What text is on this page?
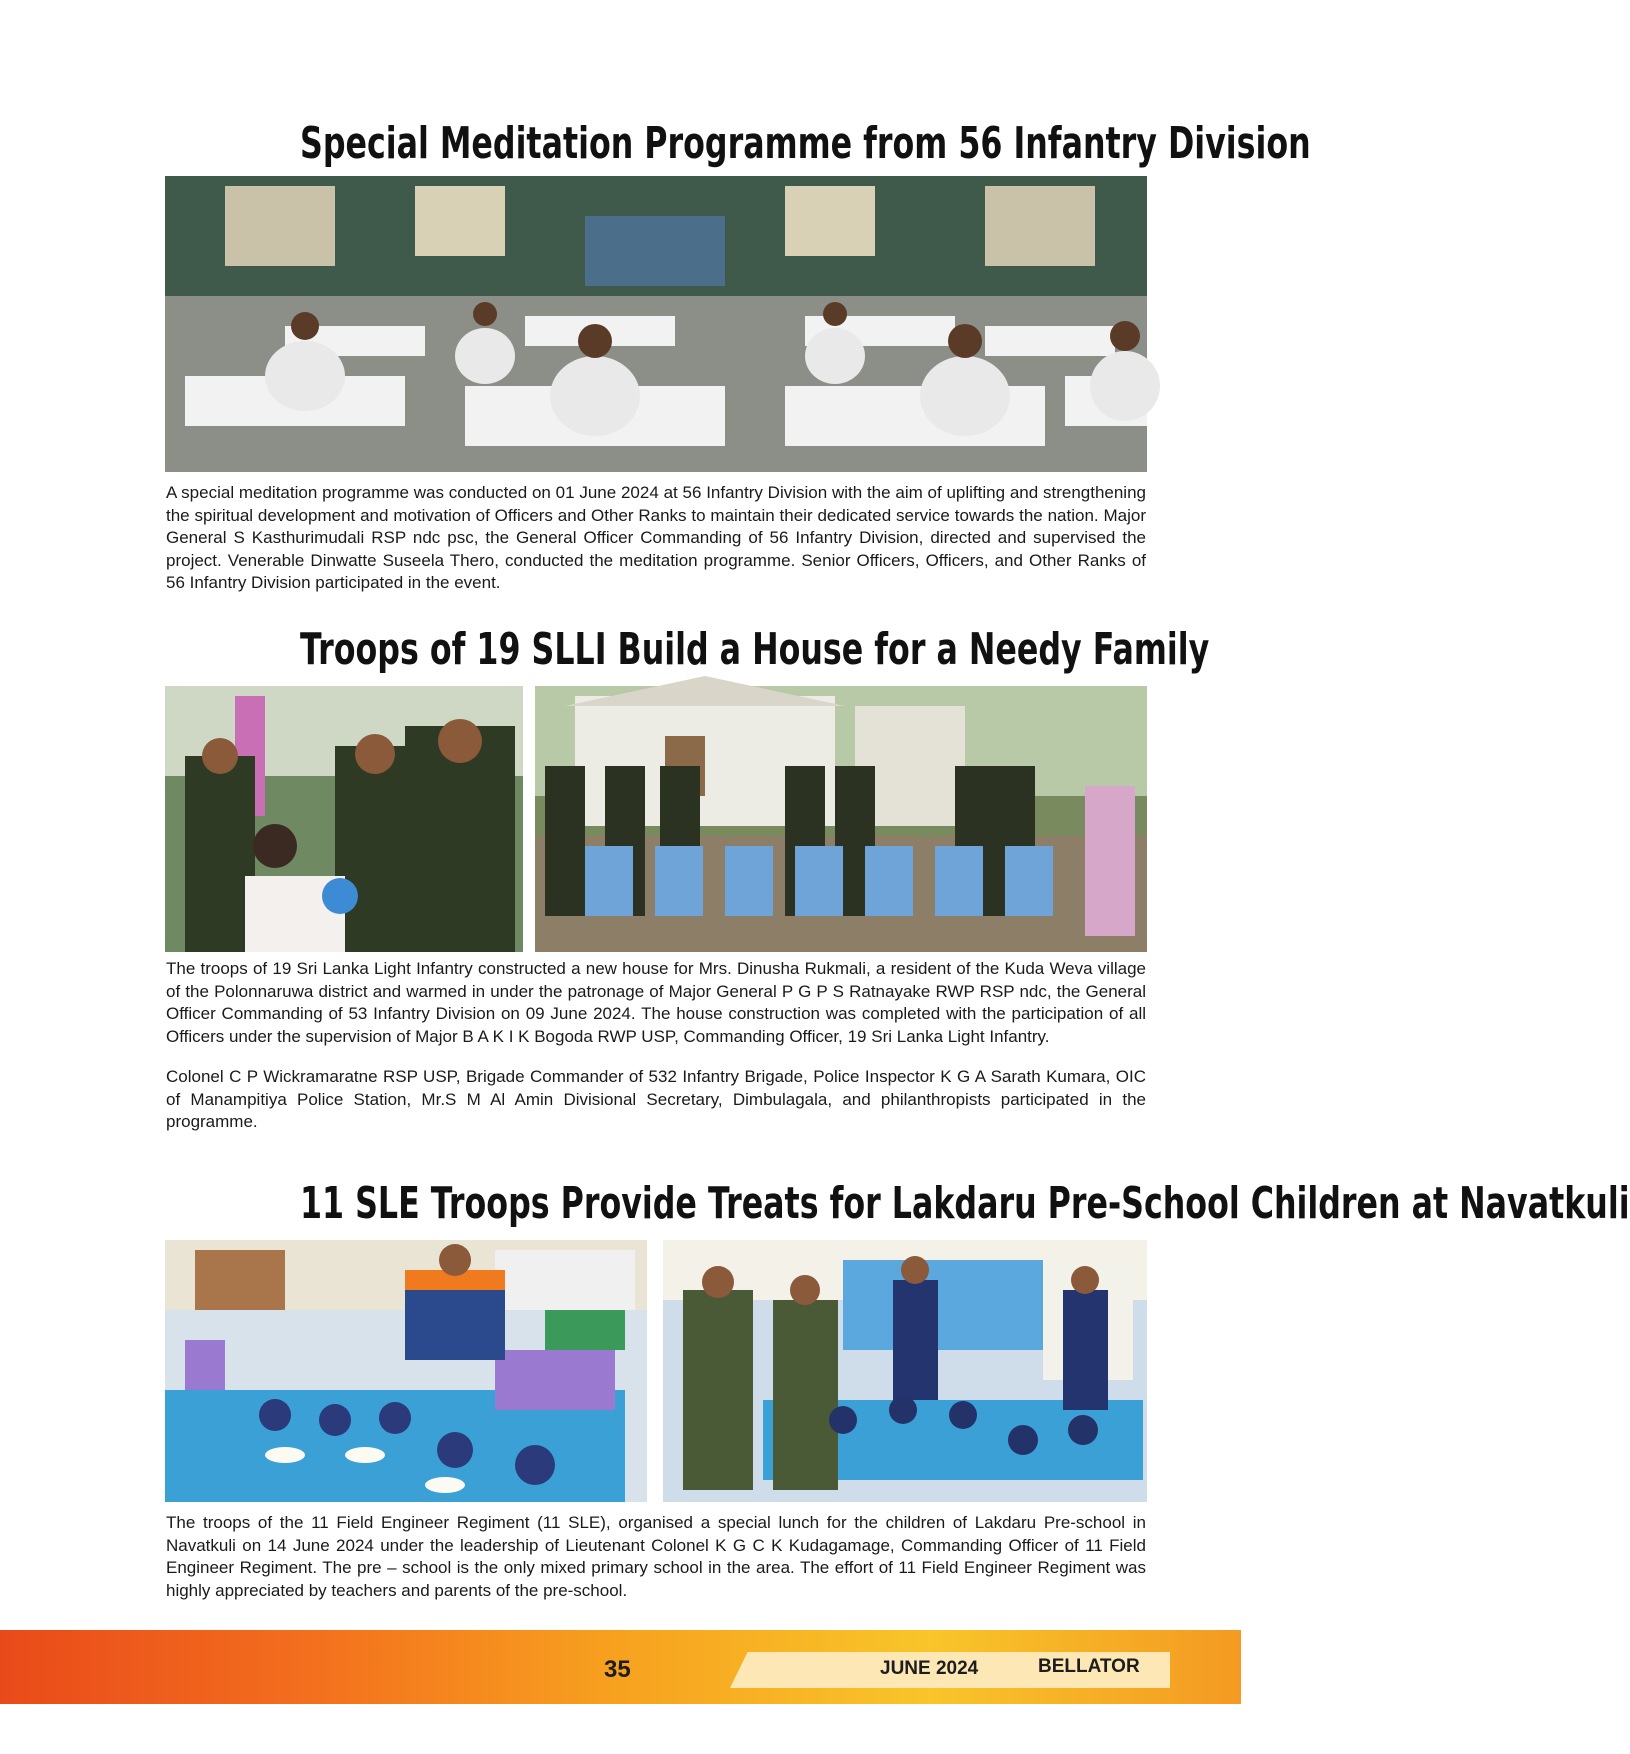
Special Meditation Programme from 56 Infantry Division

A special meditation programme was conducted on 01 June 2024 at 56 Infantry Division with the aim of uplifting and strengthening the spiritual development and motivation of Officers and Other Ranks to maintain their dedicated service towards the nation. Major General S Kasthurimudali RSP ndc psc, the General Officer Commanding of 56 Infantry Division, directed and supervised the project. Venerable Dinwatte Suseela Thero, conducted the meditation programme. Senior Officers, Officers, and Other Ranks of 56 Infantry Division participated in the event.

Troops of 19 SLLI Build a House for a Needy Family

The troops of 19 Sri Lanka Light Infantry constructed a new house for Mrs. Dinusha Rukmali, a resident of the Kuda Weva village of the Polonnaruwa district and warmed in under the patronage of Major General P G P S Ratnayake RWP RSP ndc, the General Officer Commanding of 53 Infantry Division on 09 June 2024. The house construction was completed with the participation of all Officers under the supervision of Major B A K I K Bogoda RWP USP, Commanding Officer, 19 Sri Lanka Light Infantry.

Colonel C P Wickramaratne RSP USP, Brigade Commander of 532 Infantry Brigade, Police Inspector K G A Sarath Kumara, OIC of Manampitiya Police Station, Mr.S M Al Amin Divisional Secretary, Dimbulagala, and philanthropists participated in the programme.

11 SLE Troops Provide Treats for Lakdaru Pre-School Children at Navatkuli

The troops of the 11 Field Engineer Regiment (11 SLE), organised a special lunch for the children of Lakdaru Pre-school in Navatkuli on 14 June 2024 under the leadership of Lieutenant Colonel K G C K Kudagamage, Commanding Officer of 11 Field Engineer Regiment. The pre – school is the only mixed primary school in the area. The effort of 11 Field Engineer Regiment was highly appreciated by teachers and parents of the pre-school.

35	JUNE 2024	BELLATOR
